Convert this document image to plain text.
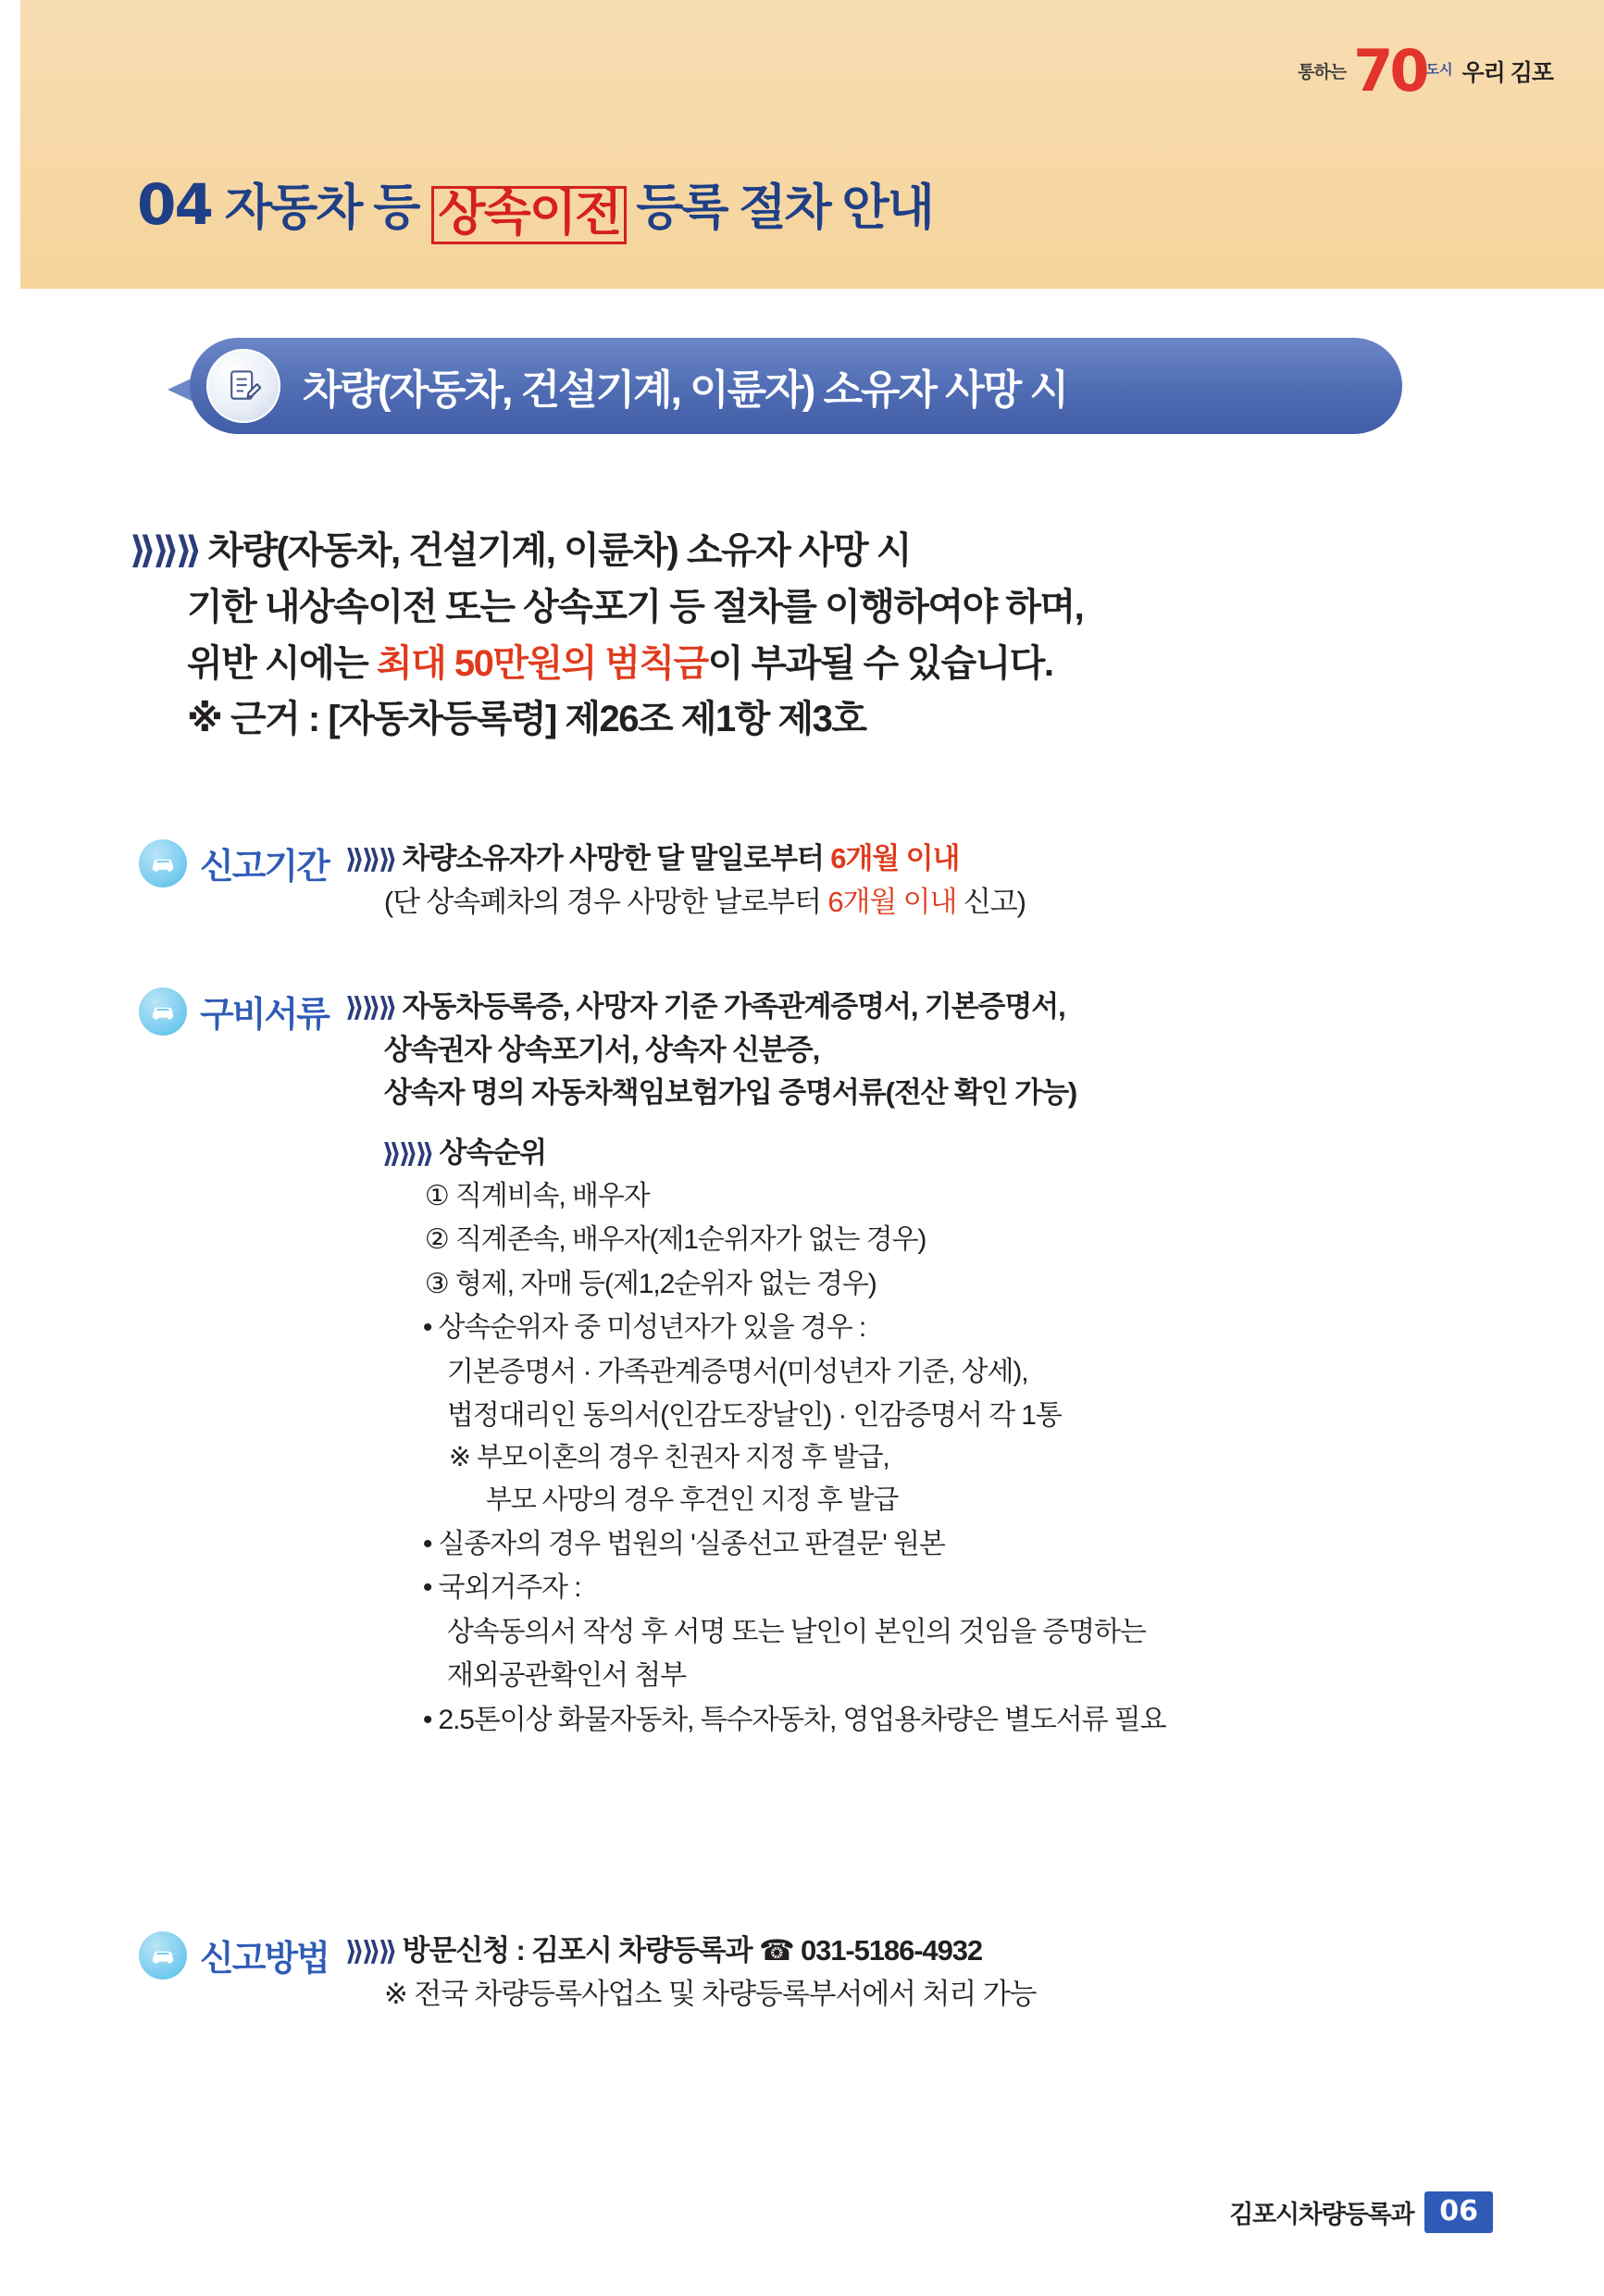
통하는 70 도시 우리 김포
04 자동차 등 상속이전 등록 절차 안내
차량(자동차, 건설기계, 이륜자) 소유자 사망 시
⟫⟫⟫ 차량(자동차, 건설기계, 이륜차) 소유자 사망 시
기한 내상속이전 또는 상속포기 등 절차를 이행하여야 하며,
위반 시에는 최대 50만원의 범칙금이 부과될 수 있습니다.
※ 근거 : [자동차등록령] 제26조 제1항 제3호
신고기간 ⟫⟫⟫ 차량소유자가 사망한 달 말일로부터 6개월 이내
(단 상속폐차의 경우 사망한 날로부터 6개월 이내 신고)
구비서류 ⟫⟫⟫ 자동차등록증, 사망자 기준 가족관계증명서, 기본증명서,
상속권자 상속포기서, 상속자 신분증,
상속자 명의 자동차책임보험가입 증명서류(전산 확인 가능)
⟫⟫⟫ 상속순위
① 직계비속, 배우자
② 직계존속, 배우자(제1순위자가 없는 경우)
③ 형제, 자매 등(제1,2순위자 없는 경우)
• 상속순위자 중 미성년자가 있을 경우 :
기본증명서 · 가족관계증명서(미성년자 기준, 상세),
법정대리인 동의서(인감도장날인) · 인감증명서 각 1통
※ 부모이혼의 경우 친권자 지정 후 발급,
부모 사망의 경우 후견인 지정 후 발급
• 실종자의 경우 법원의 '실종선고 판결문' 원본
• 국외거주자 :
상속동의서 작성 후 서명 또는 날인이 본인의 것임을 증명하는
재외공관확인서 첨부
• 2.5톤이상 화물자동차, 특수자동차, 영업용차량은 별도서류 필요
신고방법 ⟫⟫⟫ 방문신청 : 김포시 차량등록과 ☎ 031-5186-4932
※ 전국 차량등록사업소 및 차량등록부서에서 처리 가능
김포시차량등록과 06
